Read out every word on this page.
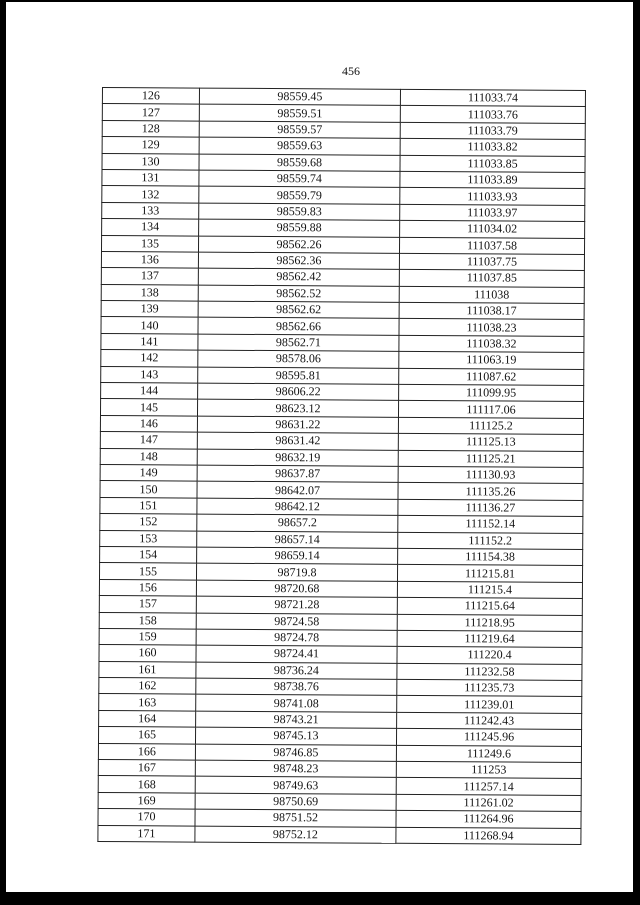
456
126	98559.45	111033.74
127	98559.51	111033.76
128	98559.57	111033.79
129	98559.63	111033.82
130	98559.68	111033.85
131	98559.74	111033.89
132	98559.79	111033.93
133	98559.83	111033.97
134	98559.88	111034.02
135	98562.26	111037.58
136	98562.36	111037.75
137	98562.42	111037.85
138	98562.52	111038
139	98562.62	111038.17
140	98562.66	111038.23
141	98562.71	111038.32
142	98578.06	111063.19
143	98595.81	111087.62
144	98606.22	111099.95
145	98623.12	111117.06
146	98631.22	111125.2
147	98631.42	111125.13
148	98632.19	111125.21
149	98637.87	111130.93
150	98642.07	111135.26
151	98642.12	111136.27
152	98657.2	111152.14
153	98657.14	111152.2
154	98659.14	111154.38
155	98719.8	111215.81
156	98720.68	111215.4
157	98721.28	111215.64
158	98724.58	111218.95
159	98724.78	111219.64
160	98724.41	111220.4
161	98736.24	111232.58
162	98738.76	111235.73
163	98741.08	111239.01
164	98743.21	111242.43
165	98745.13	111245.96
166	98746.85	111249.6
167	98748.23	111253
168	98749.63	111257.14
169	98750.69	111261.02
170	98751.52	111264.96
171	98752.12	111268.94
